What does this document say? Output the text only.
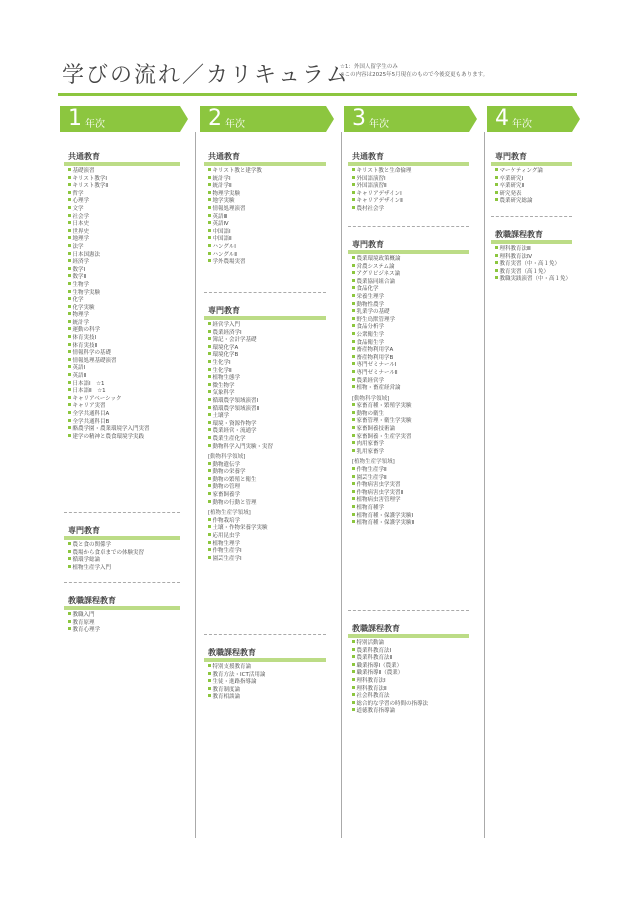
学びの流れ／カリキュラム
☆1：外国人留学生のみ
※この内容は2025年5月現在のもので今後変更もあります。
1 年次
共通教育
基礎演習
キリスト教学Ⅰ
キリスト教学Ⅱ
哲学
心理学
文学
社会学
日本史
世界史
地理学
法学
日本国憲法
経済学
数学Ⅰ
数学Ⅱ
生物学
生物学実験
化学
化学実験
物理学
統計学
運動の科学
体育実技Ⅰ
体育実技Ⅱ
情報科学の基礎
情報処理基礎演習
英語Ⅰ
英語Ⅱ
日本語Ⅰ　☆1
日本語Ⅱ　☆1
キャリアベーシック
キャリア実習
全学共通科目A
全学共通科目B
酪農学園・農業環境学入門実習
建学の精神と農食環境学実践
専門教育
農と食の関係学
農場から食卓までの体験実習
循環学総論
植物生産学入門
教職課程教育
教職入門
教育原理
教育心理学
2 年次
共通教育
キリスト教と建学教
統計学Ⅰ
統計学Ⅱ
物理学実験
地学実験
情報処理演習
英語Ⅲ
英語Ⅳ
中国語Ⅰ
中国語Ⅱ
ハングルⅠ
ハングルⅡ
学外農場実習
専門教育
経営学入門
農業経済学Ⅰ
簿記・会計学基礎
環境化学A
環境化学B
生化学Ⅰ
生化学Ⅱ
植物生態学
微生物学
気象科学
循環農学領域演習Ⅰ
循環農学領域演習Ⅱ
土壌学
環境・資源作物学
農業経営・流通学
農業生産化学
動物科学入門実験・実習
[動物科学領域]
動物遺伝学
動物の栄養学
動物の繁殖と衛生
動物の管理
家畜飼養学
動物の行動と管理
[植物生産学領域]
作物栽培学
土壌・作物栄養学実験
応用昆虫学
植物生理学
作物生産学Ⅰ
園芸生産学Ⅰ
教職課程教育
特別支援教育論
教育方法・ICT活用論
生徒・進路指導論
教育制度論
教育相談論
3 年次
共通教育
キリスト教と生命倫理
外国語演習Ⅰ
外国語演習Ⅱ
キャリアデザインⅠ
キャリアデザインⅡ
農村社会学
専門教育
農業環境政策概論
営農システム論
アグリビジネス論
農業協同組合論
食品化学
栄養生理学
動物性農学
乳業学の基礎
野生鳥獣管理学
食品分析学
公衆衛生学
食品衛生学
畜産物利用学A
畜産物利用学B
専門ゼミナールⅠ
専門ゼミナールⅡ
農業経営学
植物・畜産経営論
[動物科学領域]
家畜育種・繁殖学実験
動物の衛生
家畜管理・衛生学実験
家畜飼養技術論
家畜飼養・生産学実習
肉用家畜学
乳用家畜学
[植物生産学領域]
作物生産学Ⅱ
園芸生産学Ⅱ
作物病害虫学実習
作物病害虫学実習Ⅱ
植物病虫害管理学
植物育種学
植物育種・保護学実験Ⅰ
植物育種・保護学実験Ⅱ
教職課程教育
特別活動論
農業科教育法Ⅰ
農業科教育法Ⅱ
職業指導Ⅰ（農業）
職業指導Ⅱ（農業）
理科教育法Ⅰ
理科教育法Ⅱ
社会科教育法
総合的な学習の時間の指導法
道徳教育指導論
4 年次
専門教育
マーケティング論
卒業研究Ⅰ
卒業研究Ⅱ
研究発表
農業研究総論
教職課程教育
理科教育法Ⅲ
理科教育法Ⅳ
教育実習（中・高１免）
教育実習（高１免）
教職実践演習（中・高１免）
